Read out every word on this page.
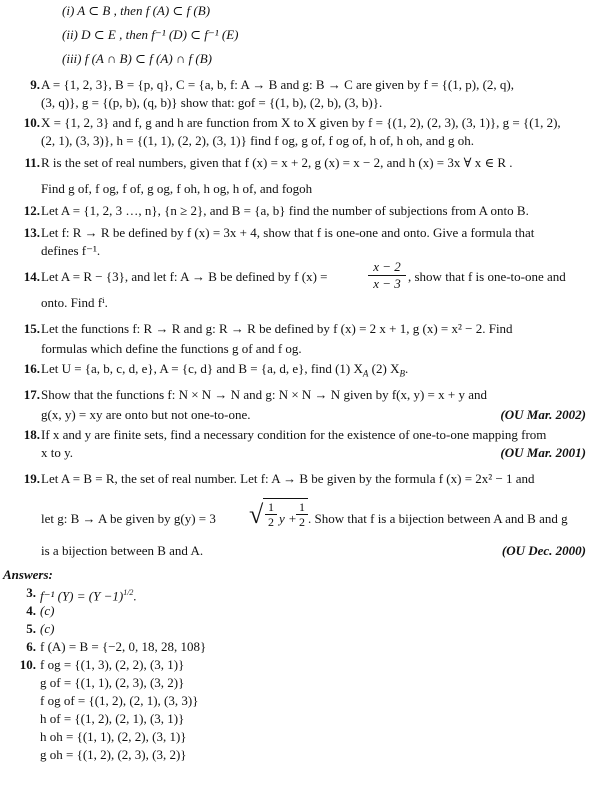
(i) A ⊂ B , then f (A) ⊂ f (B)
(ii) D ⊂ E , then f⁻¹ (D) ⊂ f⁻¹ (E)
(iii) f (A ∩ B) ⊂ f (A) ∩ f (B)
9. A = {1, 2, 3}, B = {p, q}, C = {a, b, f: A → B and g: B → C are given by f = {(1, p), (2, q),
(3, q)}, g = {(p, b), (q, b)} show that: gof = {(1, b), (2, b), (3, b)}.
10. X = {1, 2, 3} and f, g and h are function from X to X given by f = {(1, 2), (2, 3), (3, 1)}, g = {(1, 2),
(2, 1), (3, 3)}, h = {(1, 1), (2, 2), (3, 1)} find f og, g of, f og of, h of, h oh, and g oh.
11. R is the set of real numbers, given that f (x) = x + 2, g (x) = x − 2, and h (x) = 3x ∀ x ∈ R .
Find g of, f og, f of, g og, f oh, h og, h of, and fogoh
12. Let A = {1, 2, 3 …, n}, {n ≥ 2}, and B = {a, b} find the number of subjections from A onto B.
13. Let f: R → R be defined by f (x) = 3x + 4, show that f is one-one and onto. Give a formula that
defines f⁻¹.
14. Let A = R − {3}, and let f: A → B be defined by f (x) =
x − 2
x − 3 , show that f is one-to-one and
onto. Find fⁱ.
15. Let the functions f: R → R and g: R → R be defined by f (x) = 2 x + 1, g (x) = x² − 2. Find
formulas which define the functions g of and f og.
16. Let U = {a, b, c, d, e}, A = {c, d} and B = {a, d, e}, find (1) $X_A$ (2) $X_B$.
17. Show that the functions f: N × N → N and g: N × N → N given by f(x, y) = x + y and
g(x, y) = xy are onto but not one-to-one.	(OU Mar. 2002)
18. If x and y are finite sets, find a necessary condition for the existence of one-to-one mapping from
x to y.	(OU Mar. 2001)
19. Let A = B = R, the set of real number. Let f: A → B be given by the formula f (x) = 2x² − 1 and
let g: B → A be given by g(y) = 3	√ 1
2 y +
1
2 . Show that f is a bijection between A and B and g
is a bijection between B and A.	(OU Dec. 2000)
Answers:
3. f⁻¹ $(Y) = (Y -1)^{1/2}$.
4. (c)
5. (c)
6. f (A) = B = {−2, 0, 18, 28, 108}
10. f og = {(1, 3), (2, 2), (3, 1)}
g of = {(1, 1), (2, 3), (3, 2)}
f og of = {(1, 2), (2, 1), (3, 3)}
h of = {(1, 2), (2, 1), (3, 1)}
h oh = {(1, 1), (2, 2), (3, 1)}
g oh = {(1, 2), (2, 3), (3, 2)}
